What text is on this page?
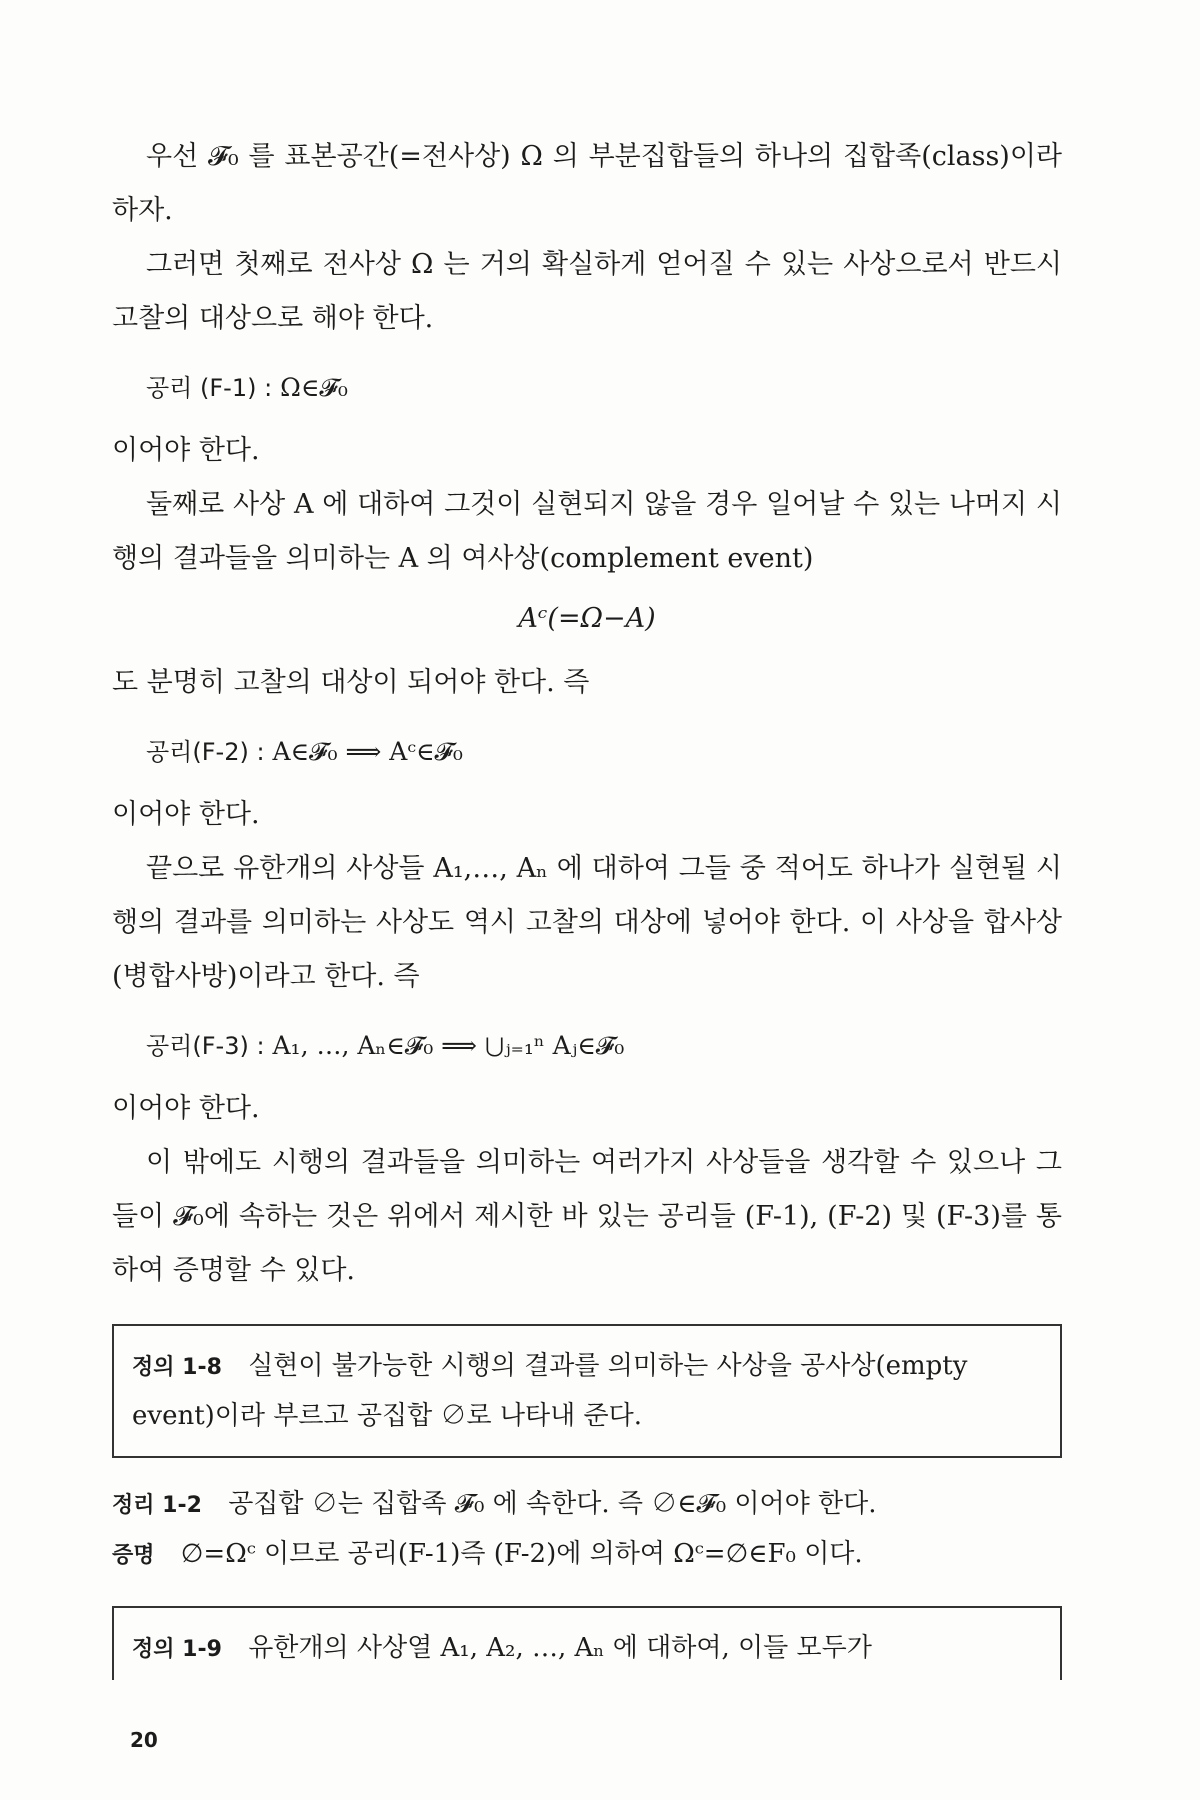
우선 𝓕₀ 를 표본공간(=전사상) Ω 의 부분집합들의 하나의 집합족(class)이라 하자.

그러면 첫째로 전사상 Ω 는 거의 확실하게 얻어질 수 있는 사상으로서 반드시 고찰의 대상으로 해야 한다.

공리 (F-1) : Ω∈𝓕₀

이어야 한다.

둘째로 사상 A 에 대하여 그것이 실현되지 않을 경우 일어날 수 있는 나머지 시행의 결과들을 의미하는 A 의 여사상(complement event)

Aᶜ(=Ω−A)

도 분명히 고찰의 대상이 되어야 한다. 즉

공리(F-2) : A∈𝓕₀ ⟹ Aᶜ∈𝓕₀

이어야 한다.

끝으로 유한개의 사상들 A₁,…, Aₙ 에 대하여 그들 중 적어도 하나가 실현될 시행의 결과를 의미하는 사상도 역시 고찰의 대상에 넣어야 한다. 이 사상을 합사상(병합사방)이라고 한다. 즉

공리(F-3) : A₁, …, Aₙ∈𝓕₀ ⟹ ⋃ⱼ₌₁ⁿ Aⱼ∈𝓕₀

이어야 한다.

이 밖에도 시행의 결과들을 의미하는 여러가지 사상들을 생각할 수 있으나 그들이 𝓕₀에 속하는 것은 위에서 제시한 바 있는 공리들 (F-1), (F-2) 및 (F-3)를 통하여 증명할 수 있다.

정의 1-8 실현이 불가능한 시행의 결과를 의미하는 사상을 공사상(empty event)이라 부르고 공집합 ∅로 나타내 준다.
정리 1-2 공집합 ∅는 집합족 𝓕₀ 에 속한다. 즉 ∅∈𝓕₀ 이어야 한다.
증명 ∅=Ωᶜ 이므로 공리(F-1)즉 (F-2)에 의하여 Ωᶜ=∅∈F₀ 이다.
정의 1-9 유한개의 사상열 A₁, A₂, …, Aₙ 에 대하여, 이들 모두가
20
